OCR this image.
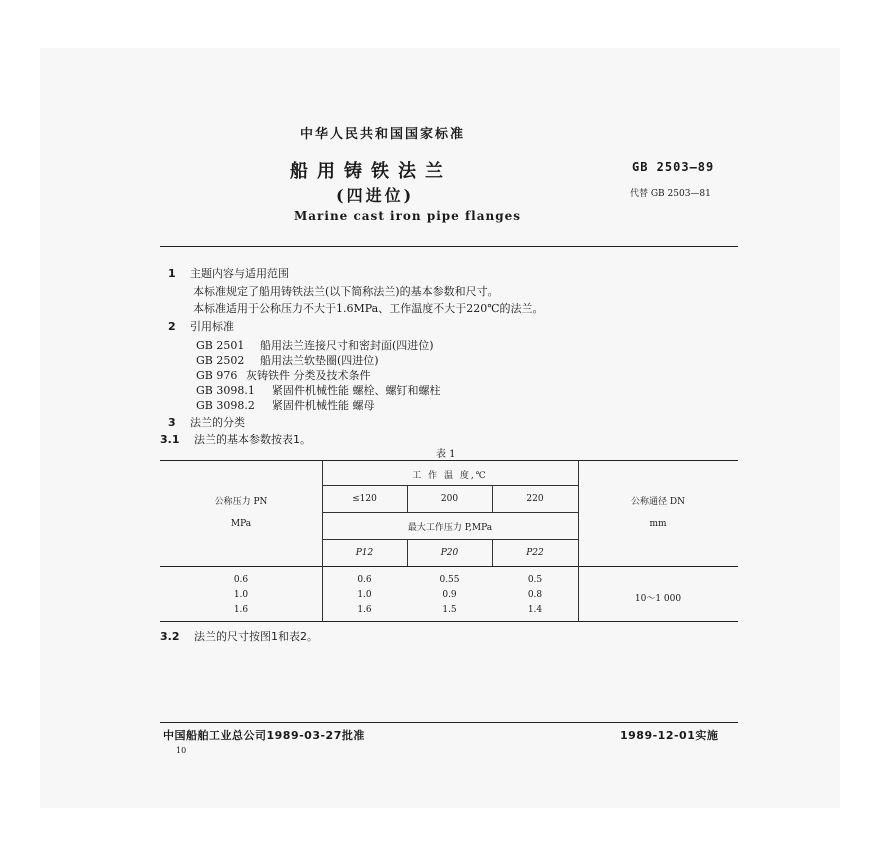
中华人民共和国国家标准
船用铸铁法兰
(四进位)
Marine cast iron pipe flanges
GB 2503—89
代替 GB 2503—81
1 主题内容与适用范围
本标准规定了船用铸铁法兰(以下简称法兰)的基本参数和尺寸。
本标准适用于公称压力不大于1.6MPa、工作温度不大于220℃的法兰。
2 引用标准
GB 2501 船用法兰连接尺寸和密封面(四进位)
GB 2502 船用法兰软垫圈(四进位)
GB 976 灰铸铁件 分类及技术条件
GB 3098.1 紧固件机械性能 螺栓、螺钉和螺柱
GB 3098.2 紧固件机械性能 螺母
3 法兰的分类
3.1 法兰的基本参数按表1。
表 1
公称压力 PN
MPa
工 作 温 度,℃
≤120	200	220
最大工作压力 P,MPa
P12	P20	P22
公称通径 DN
mm
0.6	0.6	0.55	0.5
1.0	1.0	0.9	0.8
1.6	1.6	1.5	1.4
10～1 000
3.2 法兰的尺寸按图1和表2。
中国船舶工业总公司1989-03-27批准	1989-12-01实施
10
